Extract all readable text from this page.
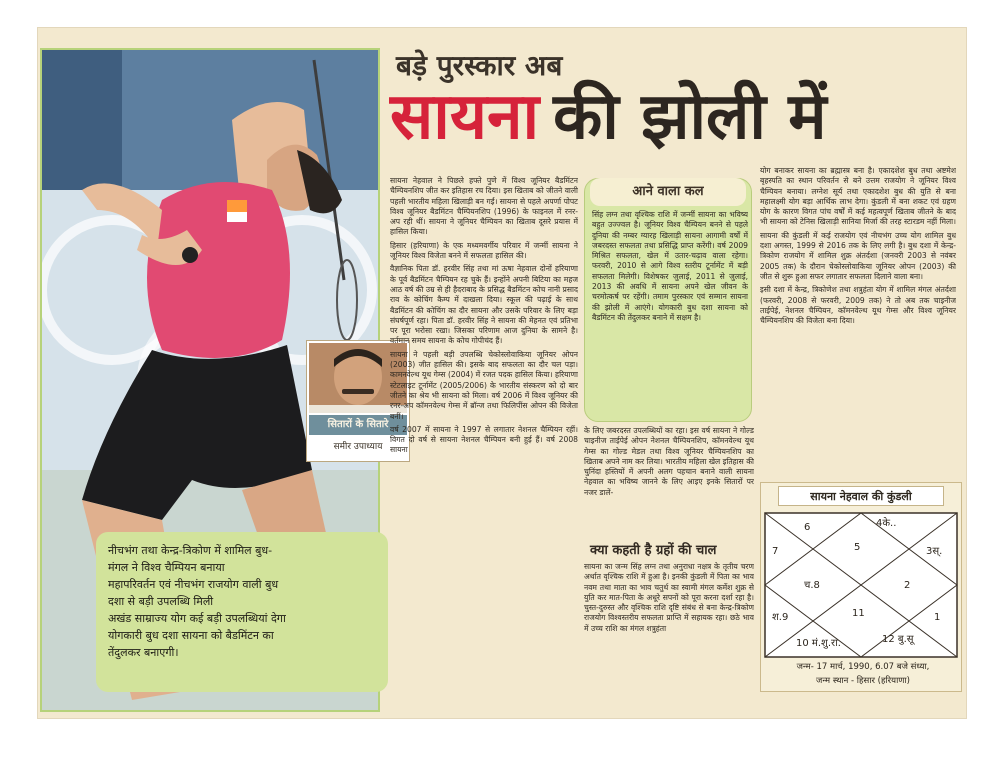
नीचभंग तथा केन्द्र-त्रिकोण में शामिल बुध-
मंगल ने विश्व चैम्पियन बनाया
महापरिवर्तन एवं नीचभंग राजयोग वाली बुध
दशा से बड़ी उपलब्धि मिली
अखंड साम्राज्य योग कई बड़ी उपलब्धियां देगा
योगकारी बुध दशा सायना को बैडमिंटन का
तेंदुलकर बनाएगी।
सितारों के सितारे
समीर उपाध्याय
बड़े पुरस्कार अब
सायना की झोली में

सायना नेहवाल ने पिछले हफ्ते पुणे में विश्व जूनियर बैडमिंटन चैम्पियनशिप जीत कर इतिहास रच दिया। इस खिताब को जीतने वाली पहली भारतीय महिला खिलाड़ी बन गईं। सायना से पहले अपर्णा पोपट विश्व जूनियर बैडमिंटन चैम्पियनशिप (1996) के फाइनल में रनर-अप रही थीं। सायना ने जूनियर चैम्पियन का खिताब दूसरे प्रयास में हासिल किया।

हिसार (हरियाणा) के एक मध्यमवर्गीय परिवार में जन्मीं सायना ने जूनियर विश्व विजेता बनने में सफलता हासिल की।

वैज्ञानिक पिता डॉ. हरवीर सिंह तथा मां ऊषा नेहवाल दोनों हरियाणा के पूर्व बैडमिंटन चैम्पियन रह चुके हैं। इन्होंने अपनी बिटिया का महज आठ वर्ष की उम्र से ही हैदराबाद के प्रसिद्ध बैडमिंटन कोच नानी प्रसाद राव के कोचिंग कैम्प में दाखला दिया। स्कूल की पढ़ाई के साथ बैडमिंटन की कोचिंग का दौर सायना और उसके परिवार के लिए बड़ा संघर्षपूर्ण रहा। पिता डॉ. हरवीर सिंह ने सायना की मेहनत एवं प्रतिभा पर पूरा भरोसा रखा। जिसका परिणाम आज दुनिया के सामने है। वर्तमान समय सायना के कोच गोपीचंद हैं।

सायना ने पहली बड़ी उपलब्धि चेकोस्लोवाकिया जूनियर ओपन (2003) जीत हासिल की। इसके बाद सफलता का दौर चल पड़ा। कामनवेल्थ यूथ गेम्स (2004) में रजत पदक हासिल किया। हरियाणा स्टेटलाइट टूर्नामेंट (2005/2006) के भारतीय संस्करण को दो बार जीतने का श्रेय भी सायना को मिला। वर्ष 2006 में विश्व जूनियर की रनर-अप कॉमनवेल्थ गेम्स में ब्रॉन्ज तथा फिलिपींस ओपन की विजेता बनीं।

वर्ष 2007 में सायना ने 1997 से लगातार नेशनल चैम्पियन रहीं। विगत दो वर्ष से सायना नेशनल चैम्पियन बनी हुई हैं। वर्ष 2008 सायना

आने वाला कल

सिंह लग्न तथा वृश्चिक राशि में जन्मीं सायना का भविष्य बहुत उज्ज्वल है। जूनियर विश्व चैम्पियन बनने से पहले दुनिया की नम्बर ग्यारह खिलाड़ी सायना आगामी वर्षों में जबरदस्त सफलता तथा प्रसिद्धि प्राप्त करेंगी। वर्ष 2009 मिश्रित सफलता, खेल में उतार-चढ़ाव वाला रहेगा। फरवरी, 2010 से आगे विश्व स्तरीय टूर्नामेंट में बड़ी सफलता मिलेगी। विशेषकर जुलाई, 2011 से जुलाई, 2013 की अवधि में सायना अपने खेल जीवन के चरमोत्कर्ष पर रहेंगी। तमाम पुरस्कार एवं सम्मान सायना की झोली में आएंगे। योगकारी बुध दशा सायना को बैडमिंटन की तेंदुलकर बनाने में सक्षम है।

के लिए जबरदस्त उपलब्धियों का रहा। इस वर्ष सायना ने गोल्ड चाइनीज ताईपेई ओपन नेशनल चैम्पियनशिप, कॉमनवेल्थ यूथ गेम्स का गोल्ड मेडल तथा विश्व जूनियर चैम्पियनशिप का खिताब अपने नाम कर लिया। भारतीय महिला खेल इतिहास की चुनिंदा हस्तियों में अपनी अलग पहचान बनाने वाली सायना नेहवाल का भविष्य जानने के लिए आइए इनके सितारों पर नजर डालें-

क्या कहती है ग्रहों की चाल

सायना का जन्म सिंह लग्न तथा अनुराधा नक्षत्र के तृतीय चरण अर्थात वृश्चिक राशि में हुआ है। इनकी कुंडली में पिता का भाव नवम तथा माता का भाव चतुर्थ का स्वामी मंगल कर्मेश शुक्र से युति कर मात-पिता के अधूरे सपनों को पूरा करना दर्शा रहा है। चुस्त-दुरुस्त और वृश्चिक राशि दृष्टि संबंध से बना केन्द्र-त्रिकोण राजयोग विश्वस्तरीय सफलता प्राप्ति में सहायक रहा। छठे भाव में उच्च राशि का मंगल शत्रुहंता

योग बनाकर सायना का ब्रह्मास्त्र बना है। एकादशेश बुध तथा अष्टमेश बृहस्पति का स्थान परिवर्तन से बने उत्तम राजयोग ने जूनियर विश्व चैम्पियन बनाया। लग्नेश सूर्य तथा एकादशेश बुध की युति से बना महालक्ष्मी योग बड़ा आर्थिक लाभ देगा। कुंडली में बना शकट एवं ग्रहण योग के कारण विगत पांच वर्षों में कई महत्वपूर्ण खिताब जीतने के बाद भी सायना को टेनिस खिलाड़ी सानिया मिर्जा की तरह स्टारडम नहीं मिला।

सायना की कुंडली में कई राजयोग एवं नीचभंग उच्च योग शामिल बुध दशा अगस्त, 1999 से 2016 तक के लिए लगी है। बुध दशा में केन्द्र-त्रिकोण राजयोग में शामिल शुक्र अंतर्दशा (जनवरी 2003 से नवंबर 2005 तक) के दौरान चेकोस्लोवाकिया जूनियर ओपन (2003) की जीत से शुरू हुआ सफर लगातार सफलता दिलाने वाला बना।

इसी दशा में केन्द्र, त्रिकोणेश तथा शत्रुहंता योग में शामिल मंगल अंतर्दशा (फरवरी, 2008 से फरवरी, 2009 तक) ने तो अब तक चाइनीज ताईपेई, नेशनल चैम्पियन, कॉमनवेल्थ यूथ गेम्स और विश्व जूनियर चैम्पियनशिप की विजेता बना दिया।

सायना नेहवाल की कुंडली
6	4के..
5
7	3स्.
च.8	2
श.9	11	1
10 मं.शु.रा.	12 बु.सू
जन्म- 17 मार्च, 1990, 6.07 बजे संध्या,
जन्म स्थान - हिसार (हरियाणा)
